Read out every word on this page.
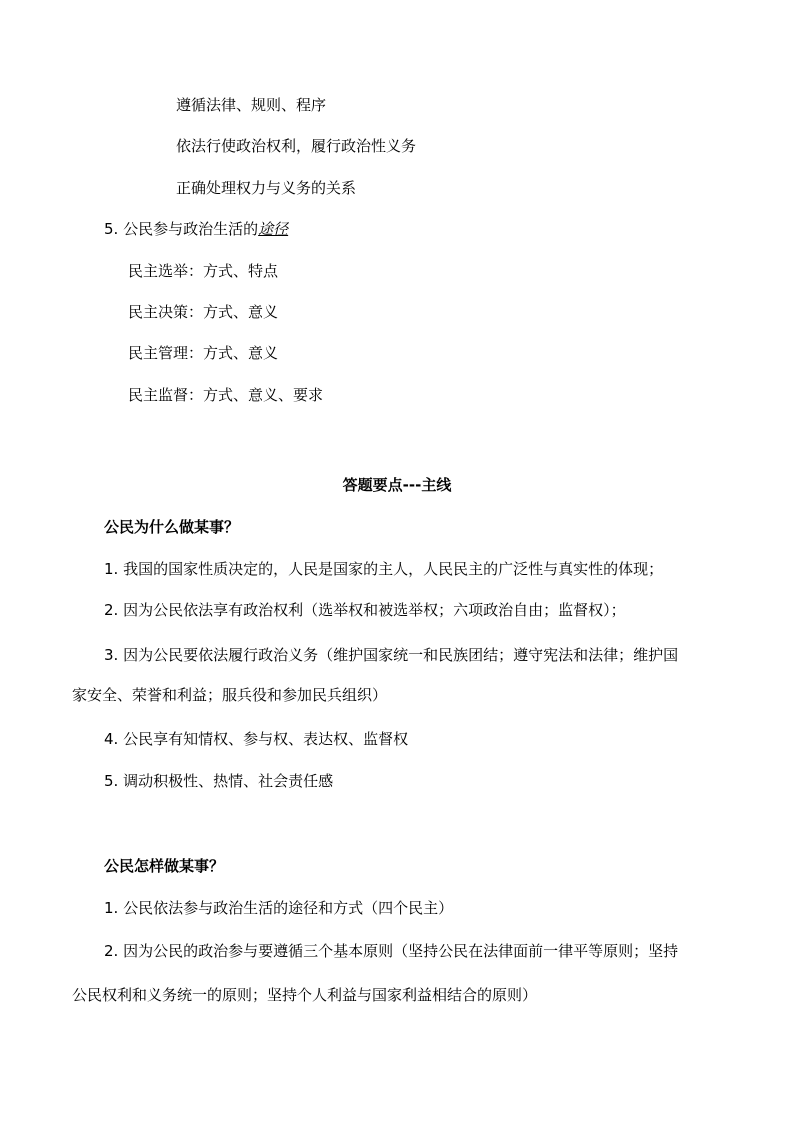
遵循法律、规则、程序
依法行使政治权利，履行政治性义务
正确处理权力与义务的关系
5. 公民参与政治生活的途径
民主选举：方式、特点
民主决策：方式、意义
民主管理：方式、意义
民主监督：方式、意义、要求
答题要点---主线
公民为什么做某事？
1. 我国的国家性质决定的，人民是国家的主人，人民民主的广泛性与真实性的体现；
2. 因为公民依法享有政治权利（选举权和被选举权；六项政治自由；监督权）；
3. 因为公民要依法履行政治义务（维护国家统一和民族团结；遵守宪法和法律；维护国
家安全、荣誉和利益；服兵役和参加民兵组织）
4. 公民享有知情权、参与权、表达权、监督权
5. 调动积极性、热情、社会责任感
公民怎样做某事？
1. 公民依法参与政治生活的途径和方式（四个民主）
2. 因为公民的政治参与要遵循三个基本原则（坚持公民在法律面前一律平等原则；坚持
公民权利和义务统一的原则；坚持个人利益与国家利益相结合的原则）
